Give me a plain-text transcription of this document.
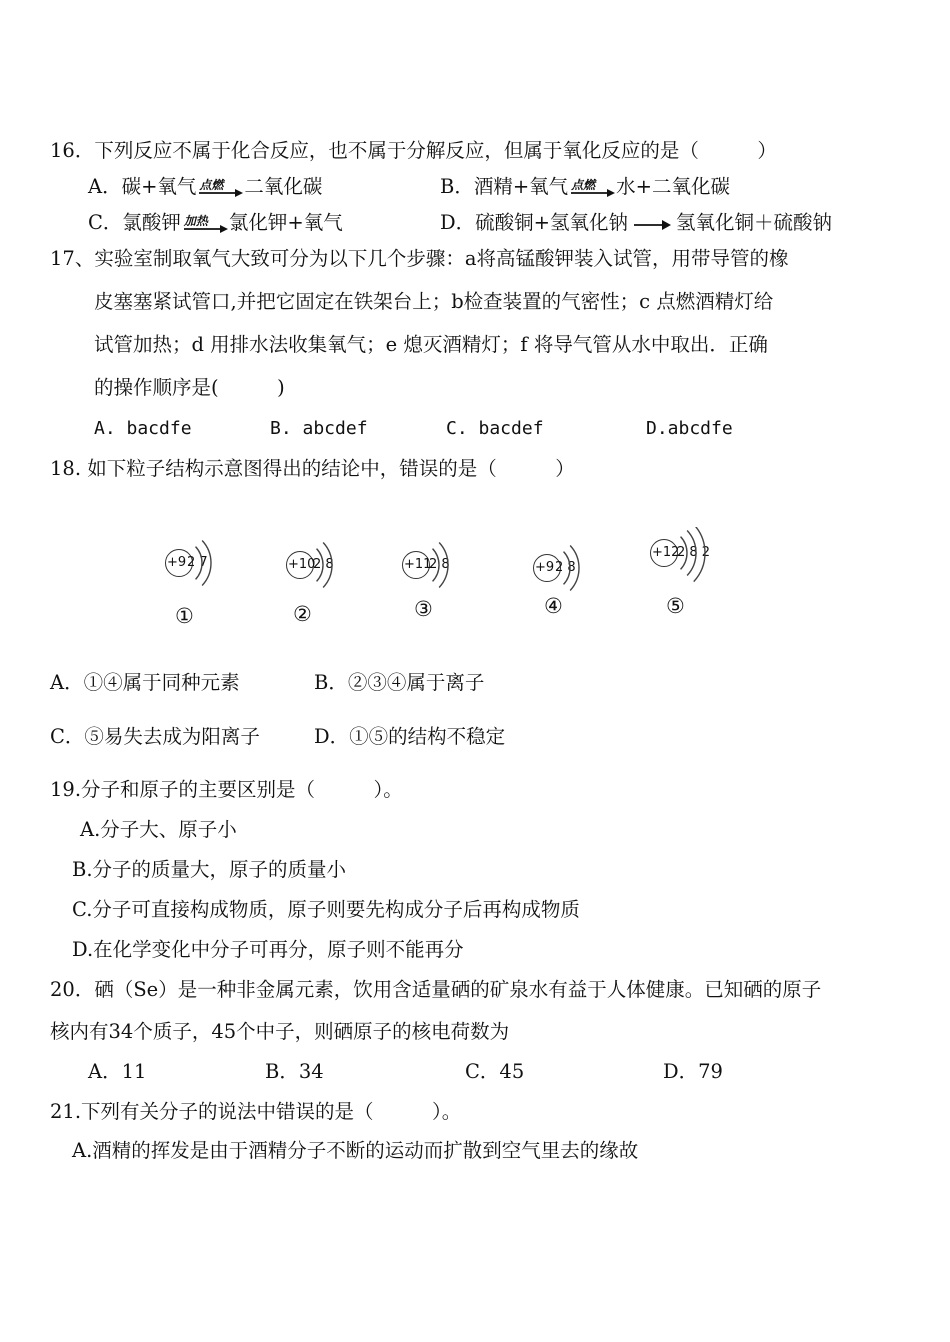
16．下列反应不属于化合反应，也不属于分解反应，但属于氧化反应的是（　　　）
A．碳+氧气 点燃 二氧化碳	B．酒精+氧气 点燃 水+二氧化碳
C．氯酸钾 加热 氯化钾+氧气	D．硫酸铜+氢氧化钠→氢氧化铜＋硫酸钠
17、实验室制取氧气大致可分为以下几个步骤：a将高锰酸钾装入试管，用带导管的橡
皮塞塞紧试管口,并把它固定在铁架台上；b检查装置的气密性；c 点燃酒精灯给
试管加热；d 用排水法收集氧气；e 熄灭酒精灯；f 将导气管从水中取出．正确
的操作顺序是(　　　)
A. bacdfe	B. abcdef	C. bacdef	D.abcdfe
18. 如下粒子结构示意图得出的结论中，错误的是（　　　）
+9 2 7
①
+10
2 8
②
+11
2 8
③
+9 2 8
④
+12
2 8 2
⑤
A．①④属于同种元素	B．②③④属于离子
C．⑤易失去成为阳离子	D．①⑤的结构不稳定
19.分子和原子的主要区别是（　　　）。
A.分子大、原子小
B.分子的质量大，原子的质量小
C.分子可直接构成物质，原子则要先构成分子后再构成物质
D.在化学变化中分子可再分，原子则不能再分
20．硒（Se）是一种非金属元素，饮用含适量硒的矿泉水有益于人体健康。已知硒的原子
核内有34个质子，45个中子，则硒原子的核电荷数为
A．11	B．34	C．45	D．79
21.下列有关分子的说法中错误的是（　　　）。
A.酒精的挥发是由于酒精分子不断的运动而扩散到空气里去的缘故
